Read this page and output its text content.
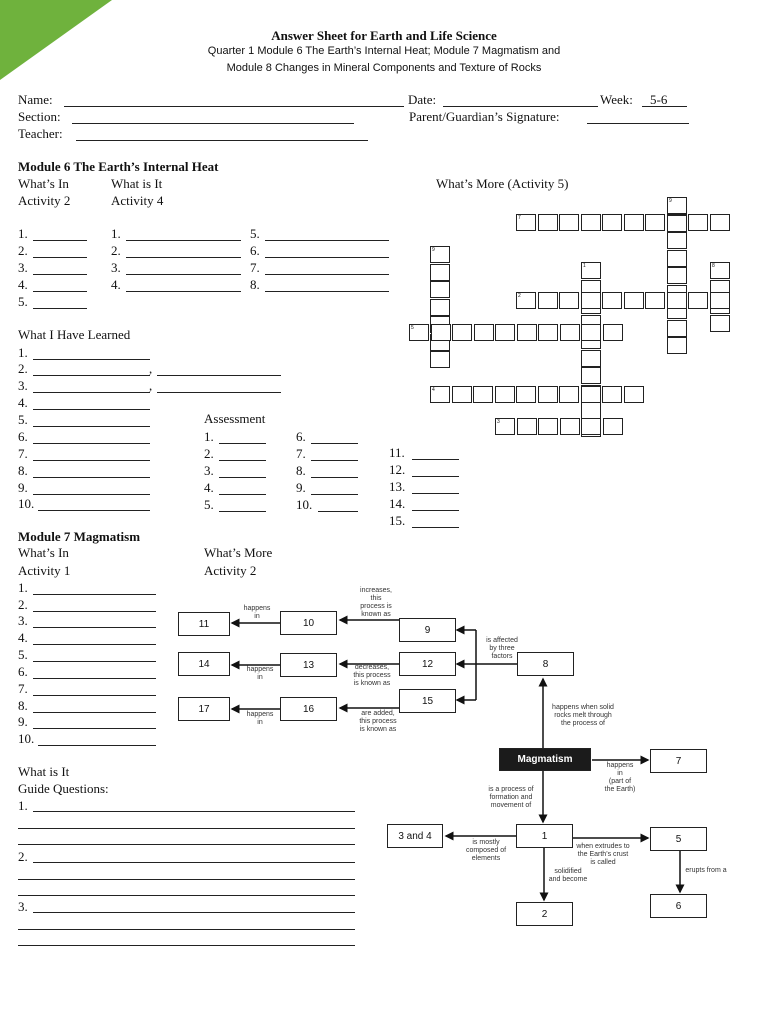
Answer Sheet for Earth and Life Science
Quarter 1 Module 6 The Earth’s Internal Heat; Module 7 Magmatism and
Module 8 Changes in Mineral Components and Texture of Rocks
Name:	Date:	Week: 5-6
Section:	Parent/Guardian’s Signature:
Teacher:
Module 6 The Earth’s Internal Heat
What’s In
Activity 2
What is It
Activity 4
What’s More (Activity 5)
1.
2.
3.
4.
5.
1.
2.
3.
4.
5.
6.
7.
8.
What I Have Learned
1.
2.	,
3.	,
4.
5.
6.
7.
8.
9.
10.
Assessment
1.
2.
3.
4.
5.
6.
7.
8.
9.
10.
11.
12.
13.
14.
15.
7
9
9
1	8
2
5
4
3
Module 7 Magmatism
What’s In
Activity 1
What’s More
Activity 2
1.
2.
3.
4.
5.
6.
7.
8.
9.
10.
What is It
Guide Questions:
1.
2.
3.
1
2
3 and 4	5
6
7
8
9
10
11
12
13
14
15
16
17
Magmatism
happens
in
happens
in
happens
in
increases,
this
process is
known as
decreases,
this process
is known as
are added,
this process
is known as
is affected
by three
factors
happens when solid
rocks melt through
the process of
happens
in
(part of
the Earth)
is a process of
formation and
movement of
is mostly
composed of
elements
when extrudes to
the Earth’s crust
is called
solidified
and become
erupts from a
